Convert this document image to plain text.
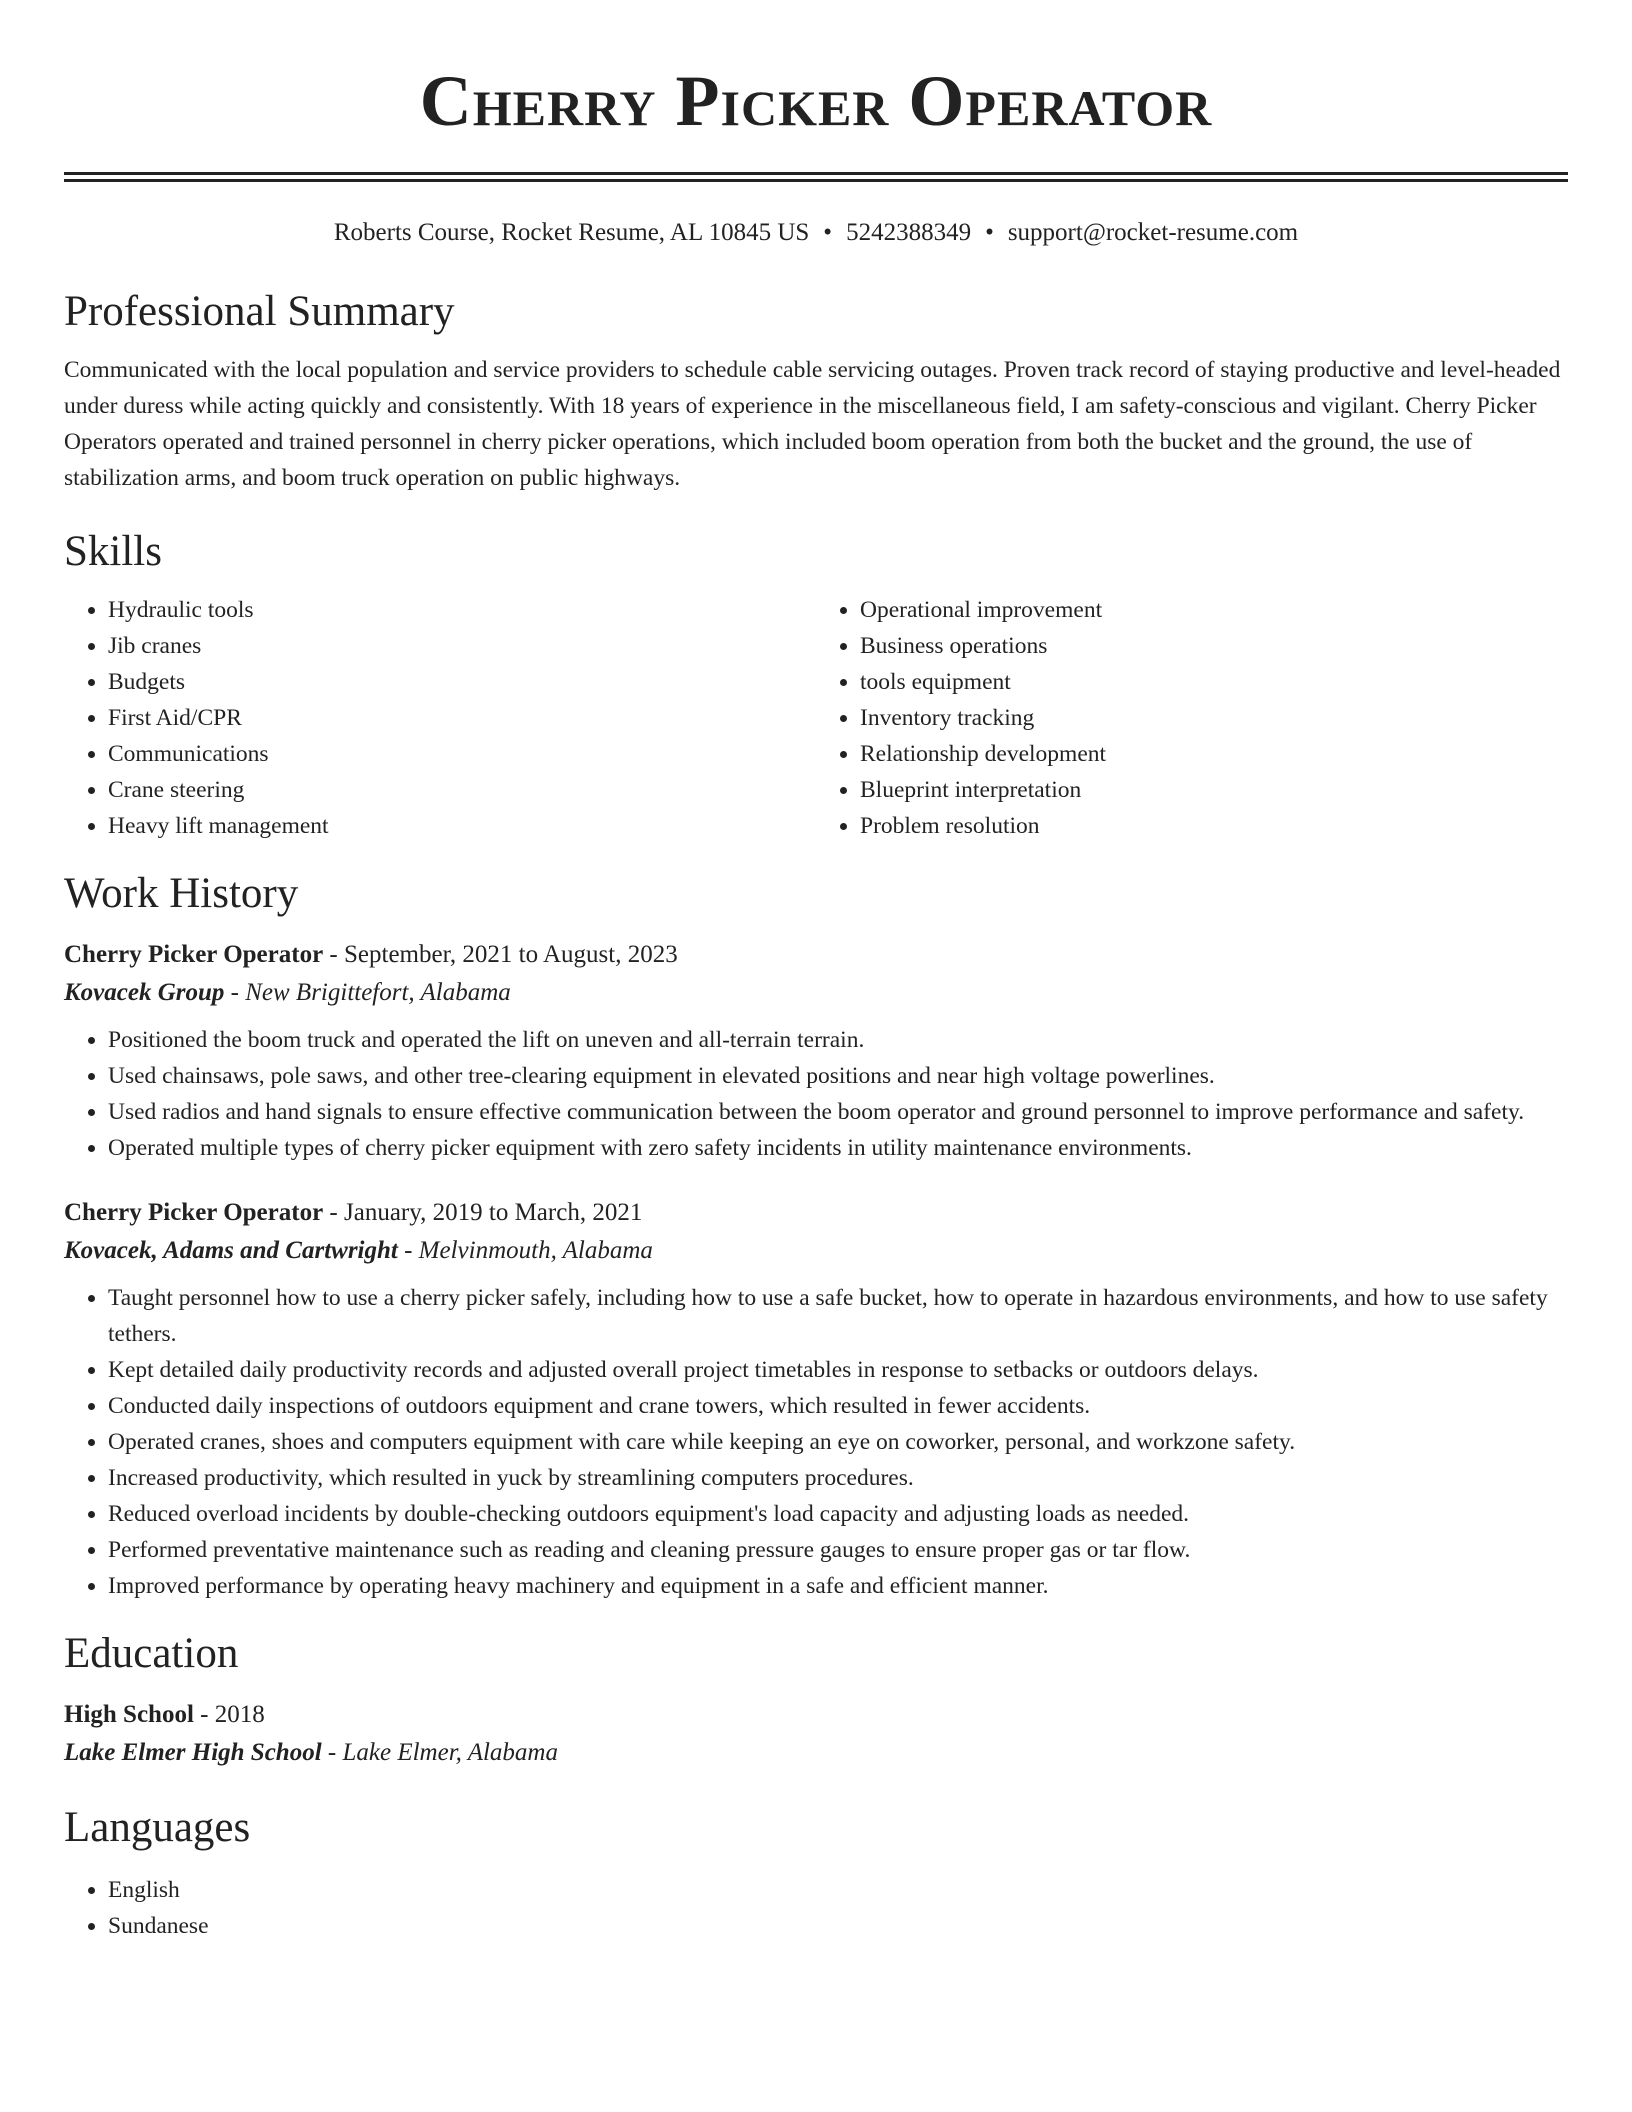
Cherry Picker Operator
Roberts Course, Rocket Resume, AL 10845 US • 5242388349 • support@rocket-resume.com
Professional Summary

Communicated with the local population and service providers to schedule cable servicing outages. Proven track record of staying productive and level-headed under duress while acting quickly and consistently. With 18 years of experience in the miscellaneous field, I am safety-conscious and vigilant. Cherry Picker Operators operated and trained personnel in cherry picker operations, which included boom operation from both the bucket and the ground, the use of stabilization arms, and boom truck operation on public highways.

Skills
• Hydraulic tools
• Jib cranes
• Budgets
• First Aid/CPR
• Communications
• Crane steering
• Heavy lift management
• Operational improvement
• Business operations
• tools equipment
• Inventory tracking
• Relationship development
• Blueprint interpretation
• Problem resolution
Work History
Cherry Picker Operator - September, 2021 to August, 2023
Kovacek Group - New Brigittefort, Alabama
• Positioned the boom truck and operated the lift on uneven and all-terrain terrain.
• Used chainsaws, pole saws, and other tree-clearing equipment in elevated positions and near high voltage powerlines.
• Used radios and hand signals to ensure effective communication between the boom operator and ground personnel to improve performance and safety.
• Operated multiple types of cherry picker equipment with zero safety incidents in utility maintenance environments.
Cherry Picker Operator - January, 2019 to March, 2021
Kovacek, Adams and Cartwright - Melvinmouth, Alabama
• Taught personnel how to use a cherry picker safely, including how to use a safe bucket, how to operate in hazardous environments, and how to use safety tethers.
• Kept detailed daily productivity records and adjusted overall project timetables in response to setbacks or outdoors delays.
• Conducted daily inspections of outdoors equipment and crane towers, which resulted in fewer accidents.
• Operated cranes, shoes and computers equipment with care while keeping an eye on coworker, personal, and workzone safety.
• Increased productivity, which resulted in yuck by streamlining computers procedures.
• Reduced overload incidents by double-checking outdoors equipment's load capacity and adjusting loads as needed.
• Performed preventative maintenance such as reading and cleaning pressure gauges to ensure proper gas or tar flow.
• Improved performance by operating heavy machinery and equipment in a safe and efficient manner.
Education
High School - 2018
Lake Elmer High School - Lake Elmer, Alabama
Languages
• English
• Sundanese
